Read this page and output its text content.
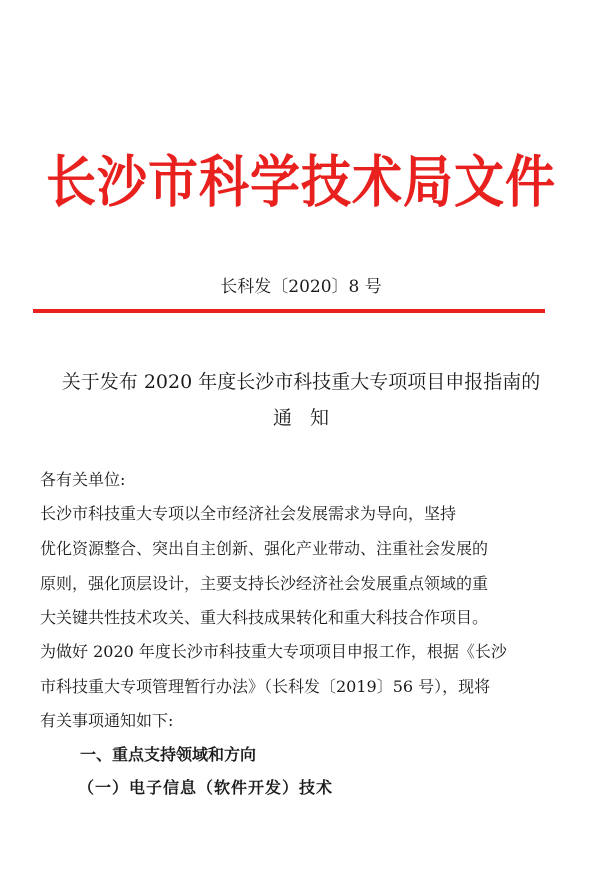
长沙市科学技术局文件
长科发〔2020〕8 号
关于发布 2020 年度长沙市科技重大专项项目申报指南的
通知
各有关单位:
长沙市科技重大专项以全市经济社会发展需求为导向，坚持
优化资源整合、突出自主创新、强化产业带动、注重社会发展的
原则，强化顶层设计，主要支持长沙经济社会发展重点领域的重
大关键共性技术攻关、重大科技成果转化和重大科技合作项目。
为做好 2020 年度长沙市科技重大专项项目申报工作，根据《长沙
市科技重大专项管理暂行办法》（长科发〔2019〕56 号），现将
有关事项通知如下:
一、重点支持领域和方向
（一）电子信息（软件开发）技术
